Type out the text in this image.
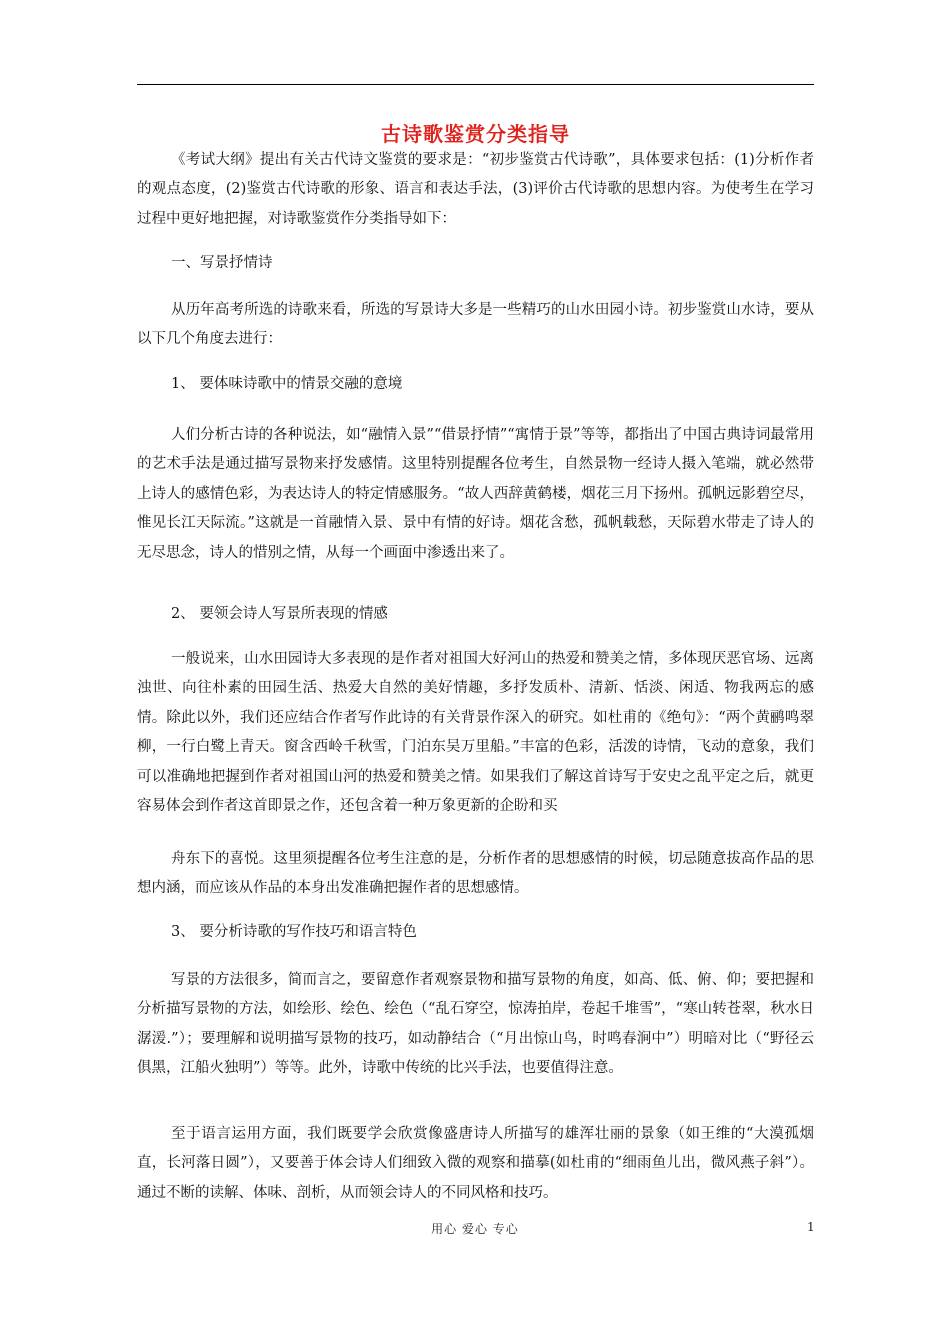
古诗歌鉴赏分类指导
《考试大纲》提出有关古代诗文鉴赏的要求是：“初步鉴赏古代诗歌”，具体要求包括：(1)分析作者的观点态度，(2)鉴赏古代诗歌的形象、语言和表达手法，(3)评价古代诗歌的思想内容。为使考生在学习过程中更好地把握，对诗歌鉴赏作分类指导如下：
一、写景抒情诗
从历年高考所选的诗歌来看，所选的写景诗大多是一些精巧的山水田园小诗。初步鉴赏山水诗，要从以下几个角度去进行：
1、 要体味诗歌中的情景交融的意境
人们分析古诗的各种说法，如“融情入景”“借景抒情”“寓情于景”等等，都指出了中国古典诗词最常用的艺术手法是通过描写景物来抒发感情。这里特别提醒各位考生，自然景物一经诗人摄入笔端，就必然带上诗人的感情色彩，为表达诗人的特定情感服务。“故人西辞黄鹤楼，烟花三月下扬州。孤帆远影碧空尽，惟见长江天际流。”这就是一首融情入景、景中有情的好诗。烟花含愁，孤帆载愁，天际碧水带走了诗人的无尽思念，诗人的惜别之情，从每一个画面中渗透出来了。
2、 要领会诗人写景所表现的情感
一般说来，山水田园诗大多表现的是作者对祖国大好河山的热爱和赞美之情，多体现厌恶官场、远离浊世、向往朴素的田园生活、热爱大自然的美好情趣，多抒发质朴、清新、恬淡、闲适、物我两忘的感情。除此以外，我们还应结合作者写作此诗的有关背景作深入的研究。如杜甫的《绝句》：“两个黄鹂鸣翠柳，一行白鹭上青天。窗含西岭千秋雪，门泊东吴万里船。”丰富的色彩，活泼的诗情，飞动的意象，我们可以准确地把握到作者对祖国山河的热爱和赞美之情。如果我们了解这首诗写于安史之乱平定之后，就更容易体会到作者这首即景之作，还包含着一种万象更新的企盼和买
舟东下的喜悦。这里须提醒各位考生注意的是，分析作者的思想感情的时候，切忌随意拔高作品的思想内涵，而应该从作品的本身出发准确把握作者的思想感情。
3、 要分析诗歌的写作技巧和语言特色
写景的方法很多，简而言之，要留意作者观察景物和描写景物的角度，如高、低、俯、仰；要把握和分析描写景物的方法，如绘形、绘色、绘色（“乱石穿空，惊涛拍岸，卷起千堆雪”，“寒山转苍翠，秋水日潺湲.”）；要理解和说明描写景物的技巧，如动静结合（“月出惊山鸟，时鸣春涧中”）明暗对比（“野径云俱黑，江船火独明”）等等。此外，诗歌中传统的比兴手法，也要值得注意。
至于语言运用方面，我们既要学会欣赏像盛唐诗人所描写的雄浑壮丽的景象（如王维的“大漠孤烟直，长河落日圆”），又要善于体会诗人们细致入微的观察和描摹(如杜甫的“细雨鱼儿出，微风燕子斜”）。通过不断的读解、体味、剖析，从而领会诗人的不同风格和技巧。
用心 爱心 专心	1
